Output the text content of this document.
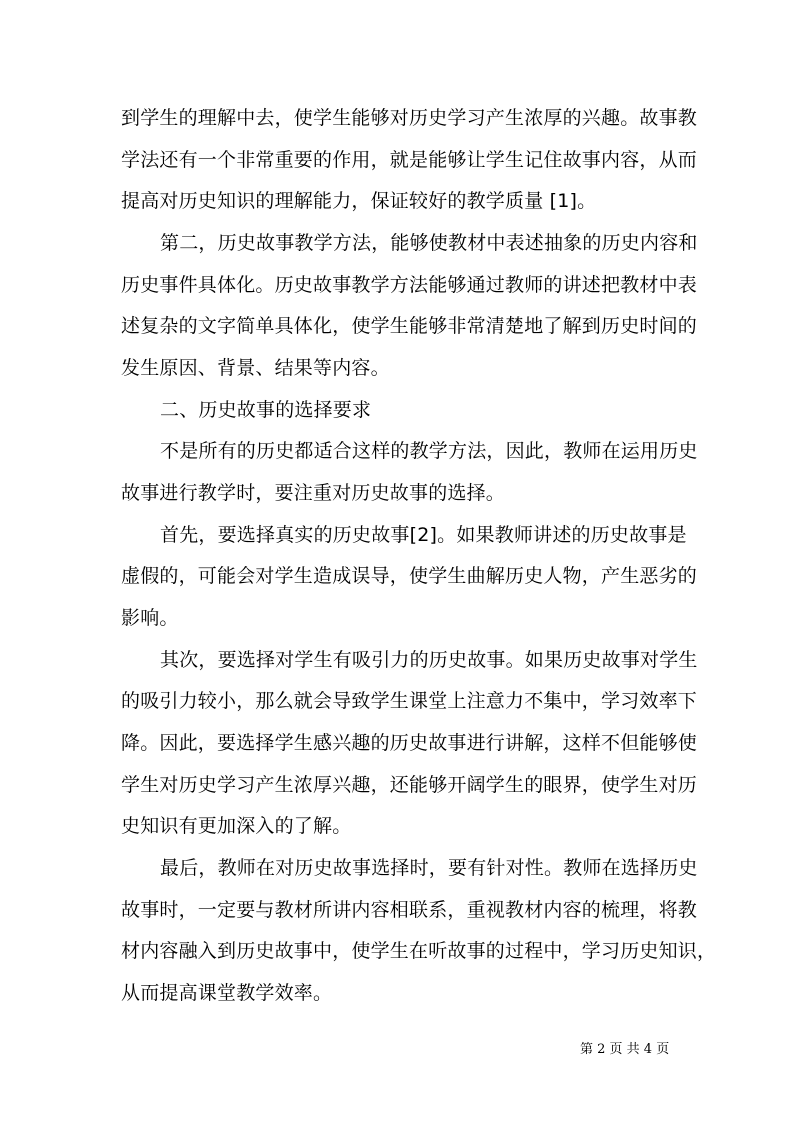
到学生的理解中去，使学生能够对历史学习产生浓厚的兴趣。故事教
学法还有一个非常重要的作用，就是能够让学生记住故事内容，从而
提高对历史知识的理解能力，保证较好的教学质量 [1]。
第二，历史故事教学方法，能够使教材中表述抽象的历史内容和
历史事件具体化。历史故事教学方法能够通过教师的讲述把教材中表
述复杂的文字简单具体化，使学生能够非常清楚地了解到历史时间的
发生原因、背景、结果等内容。
二、历史故事的选择要求
不是所有的历史都适合这样的教学方法，因此，教师在运用历史
故事进行教学时，要注重对历史故事的选择。
首先，要选择真实的历史故事[2]。如果教师讲述的历史故事是
虚假的，可能会对学生造成误导，使学生曲解历史人物，产生恶劣的
影响。
其次，要选择对学生有吸引力的历史故事。如果历史故事对学生
的吸引力较小，那么就会导致学生课堂上注意力不集中，学习效率下
降。因此，要选择学生感兴趣的历史故事进行讲解，这样不但能够使
学生对历史学习产生浓厚兴趣，还能够开阔学生的眼界，使学生对历
史知识有更加深入的了解。
最后，教师在对历史故事选择时，要有针对性。教师在选择历史
故事时，一定要与教材所讲内容相联系，重视教材内容的梳理，将教
材内容融入到历史故事中，使学生在听故事的过程中，学习历史知识，
从而提高课堂教学效率。
第 2 页 共 4 页
